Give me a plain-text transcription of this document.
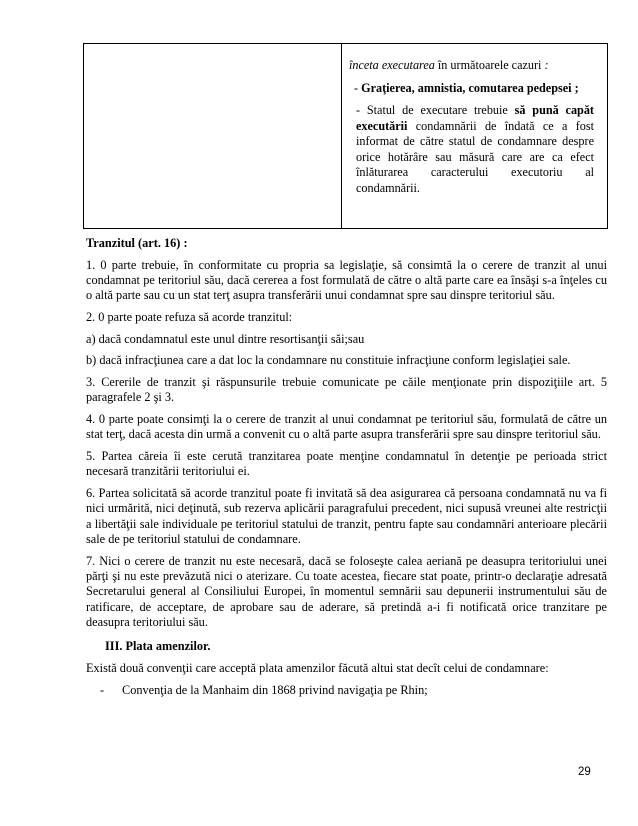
înceta executarea în următoarele cazuri :

- Graţierea, amnistia, comutarea pedepsei ;

- Statul de executare trebuie să pună capăt executării condamnării de îndată ce a fost informat de către statul de condamnare despre orice hotărâre sau măsură care are ca efect înlăturarea caracterului executoriu al condamnării.

Tranzitul (art. 16) :

1. 0 parte trebuie, în conformitate cu propria sa legislaţie, să consimtă la o cerere de tranzit al unui condamnat pe teritoriul său, dacă cererea a fost formulată de către o altă parte care ea însăşi s-a înţeles cu o altă parte sau cu un stat terţ asupra transferării unui condamnat spre sau dinspre teritoriul său.

2. 0 parte poate refuza să acorde tranzitul:

a) dacă condamnatul este unul dintre resortisanţii săi;sau

b) dacă infracţiunea care a dat loc la condamnare nu constituie infracţiune conform legislaţiei sale.

3. Cererile de tranzit şi răspunsurile trebuie comunicate pe căile menţionate prin dispoziţiile art. 5 paragrafele 2 şi 3.

4. 0 parte poate consimţi la o cerere de tranzit al unui condamnat pe teritoriul său, formulată de către un stat terţ, dacă acesta din urmă a convenit cu o altă parte asupra transferării spre sau dinspre teritoriul său.

5. Partea căreia îi este cerută tranzitarea poate menţine condamnatul în detenţie pe perioada strict necesară tranzitării teritoriului ei.

6. Partea solicitată să acorde tranzitul poate fi invitată să dea asigurarea că persoana condamnată nu va fi nici urmărită, nici deţinută, sub rezerva aplicării paragrafului precedent, nici supusă vreunei alte restricţii a libertăţii sale individuale pe teritoriul statului de tranzit, pentru fapte sau condamnări anterioare plecării sale de pe teritoriul statului de condamnare.

7. Nici o cerere de tranzit nu este necesară, dacă se foloseşte calea aeriană pe deasupra teritoriului unei părţi şi nu este prevăzută nici o aterizare. Cu toate acestea, fiecare stat poate, printr-o declaraţie adresată Secretarului general al Consiliului Europei, în momentul semnării sau depunerii instrumentului său de ratificare, de acceptare, de aprobare sau de aderare, să pretindă a-i fi notificată orice tranzitare pe deasupra teritoriului său.

III. Plata amenzilor.

Există două convenţii care acceptă plata amenzilor făcută altui stat decît celui de condamnare:

-	Convenţia de la Manhaim din 1868 privind navigaţia pe Rhin;
29
